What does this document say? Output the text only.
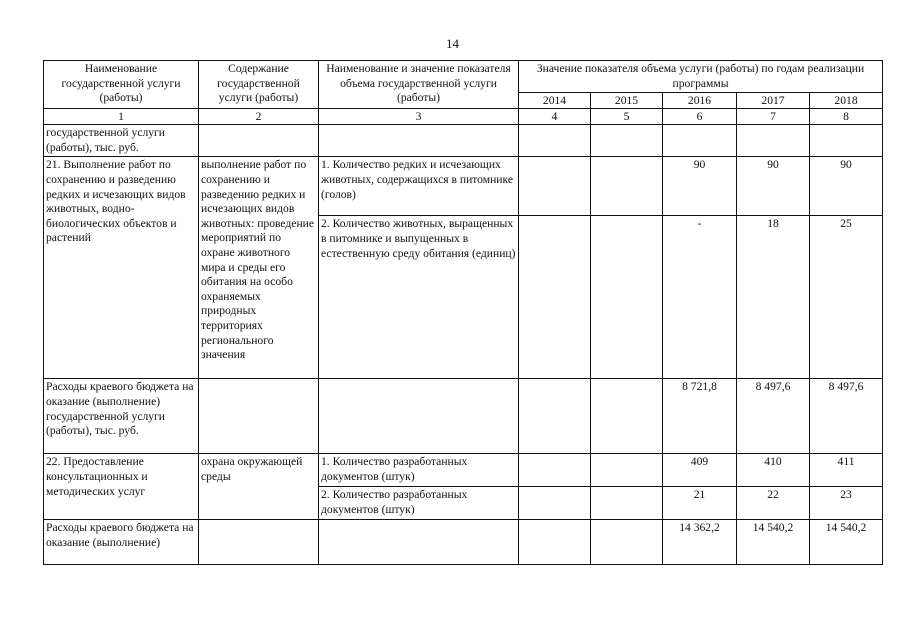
14
Наименование государственной услуги (работы)	Содержание государственной услуги (работы)	Наименование и значение показателя объема государственной услуги (работы)	Значение показателя объема услуги (работы) по годам реализации программы				
			2014	2015	2016	2017	2018
1	2	3	4	5	6	7	8
государственной услуги (работы), тыс. руб.							
21. Выполнение работ по сохранению и разведению редких и исчезающих видов животных, водно-биологических объектов и растений	выполнение работ по сохранению и разведению редких и исчезающих видов животных: проведение мероприятий по охране животного мира и среды его обитания на особо охраняемых природных территориях регионального значения	1. Количество редких и исчезающих животных, содержащихся в питомнике (голов)			90	90	90
		2. Количество животных, выращенных в питомнике и выпущенных в естественную среду обитания (единиц)			-	18	25
Расходы краевого бюджета на оказание (выполнение) государственной услуги (работы), тыс. руб.					8 721,8	8 497,6	8 497,6
22. Предоставление консультационных и методических услуг	охрана окружающей среды	1. Количество разработанных документов (штук)			409	410	411
		2. Количество разработанных документов (штук)			21	22	23
Расходы краевого бюджета на оказание (выполнение)					14 362,2	14 540,2	14 540,2
